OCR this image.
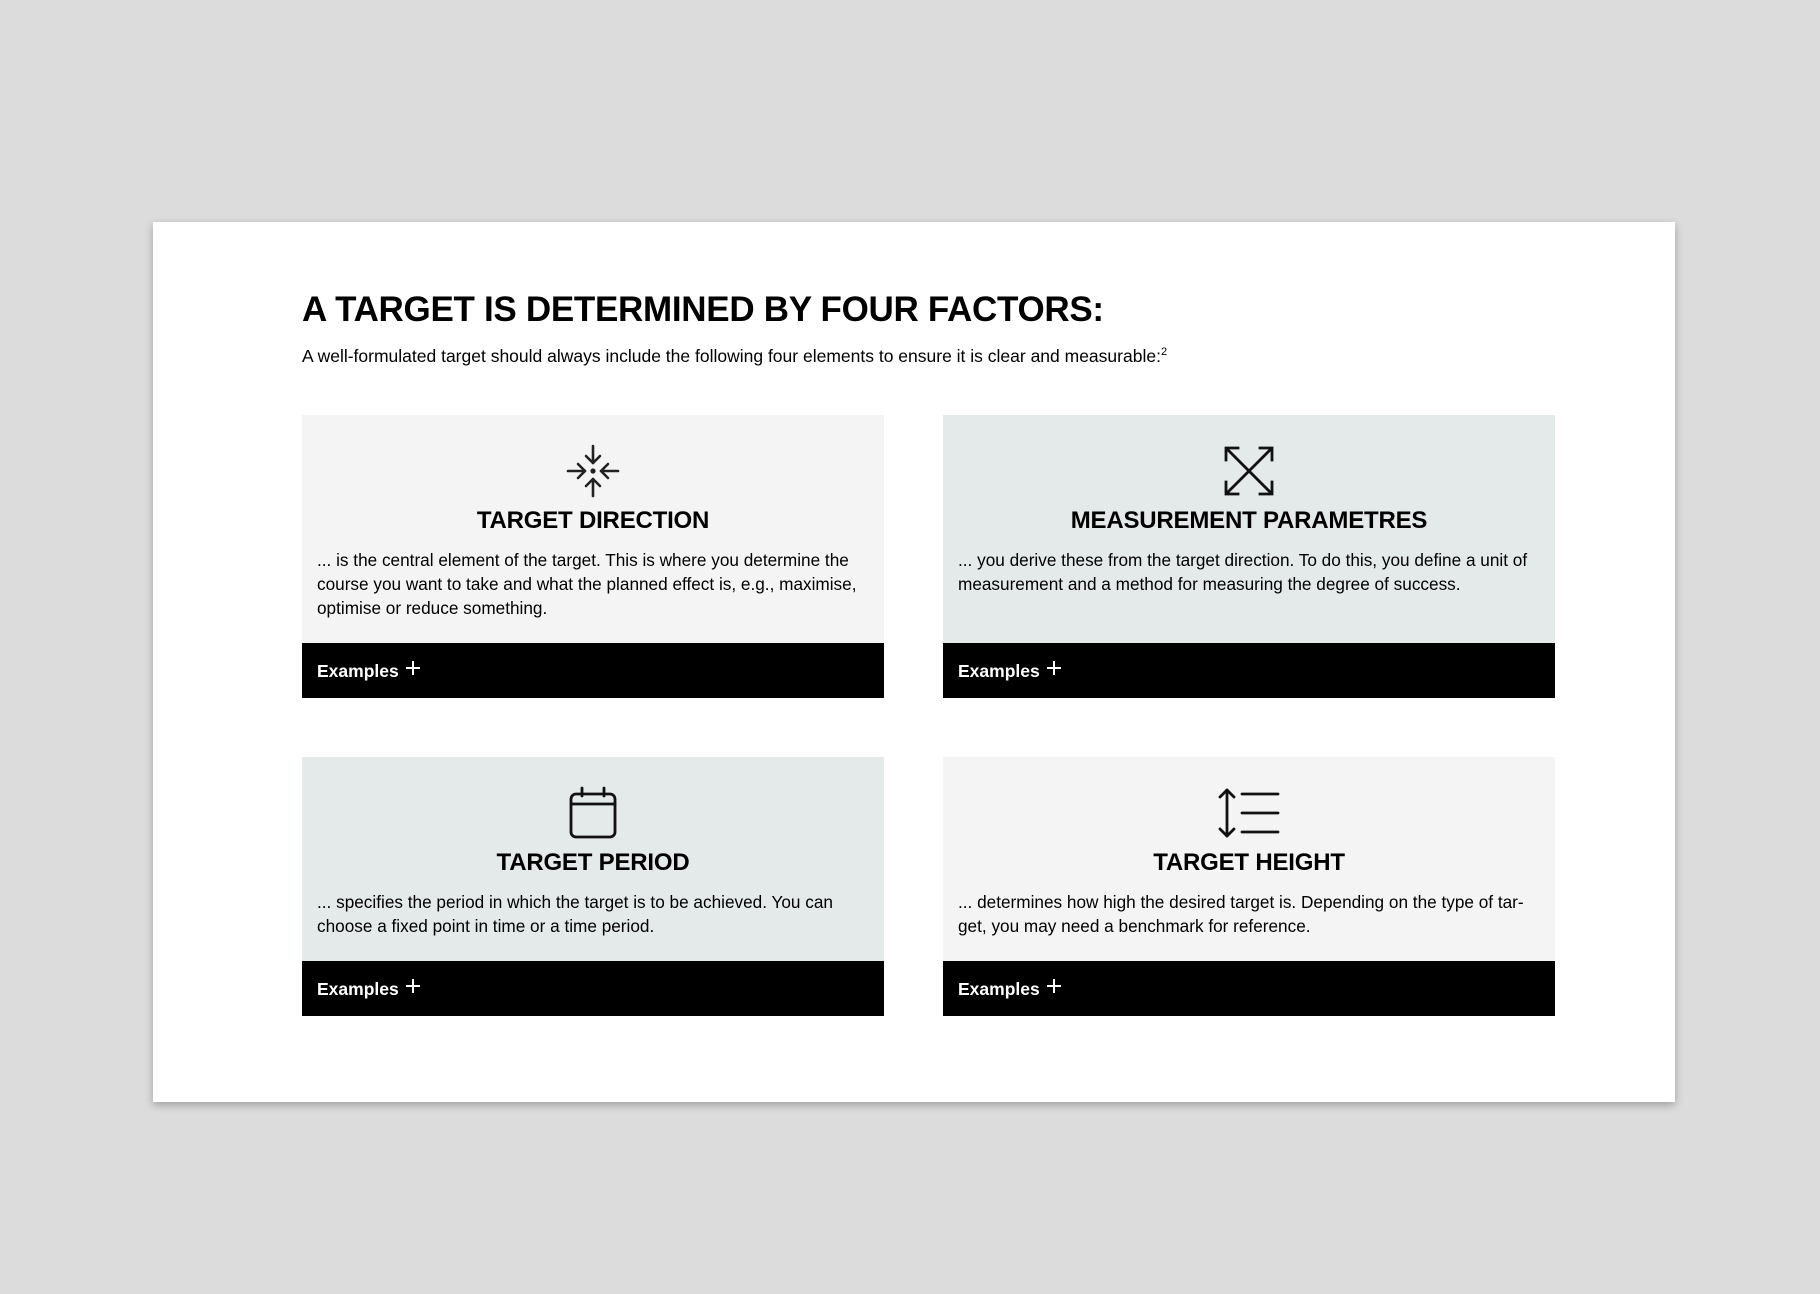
A TARGET IS DETERMINED BY FOUR FACTORS:

A well-formulated target should always include the following four elements to ensure it is clear and measurable:$^2$

TARGET DIRECTION

... is the central element of the target. This is where you determine the course you want to take and what the planned effect is, e.g., maximise, optimise or reduce something.

Examples
MEASUREMENT PARAMETRES

... you derive these from the target direction. To do this, you define a unit of measurement and a method for measuring the degree of success.

Examples
TARGET PERIOD

... specifies the period in which the target is to be achieved. You can choose a fixed point in time or a time period.

Examples
TARGET HEIGHT

... determines how high the desired target is. Depending on the type of tar-get, you may need a benchmark for reference.

Examples
